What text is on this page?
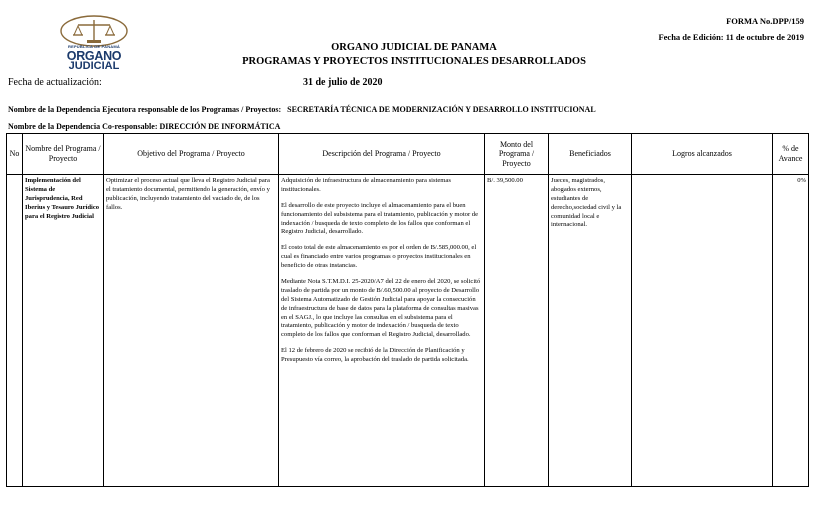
REPÚBLICA DE PANAMÁ
ORGANO
JUDICIAL
FORMA No.DPP/159
Fecha de Edición: 11 de octubre de 2019
ORGANO JUDICIAL DE PANAMA
PROGRAMAS Y PROYECTOS INSTITUCIONALES DESARROLLADOS
Fecha de actualización:	31 de julio de 2020
Nombre de la Dependencia Ejecutora responsable de los Programas / Proyectos: SECRETARÍA TÉCNICA DE MODERNIZACIÓN Y DESARROLLO INSTITUCIONAL
Nombre de la Dependencia Co-responsable: DIRECCIÓN DE INFORMÁTICA
No	Nombre del Programa / Proyecto	Objetivo del Programa / Proyecto	Descripción del Programa / Proyecto	Monto del Programa / Proyecto	Beneficiados	Logros alcanzados	% de Avance
	Implementación del Sistema de Jurisprudencia, Red Iberius y Tesauro Jurídico para el Registro Judicial	Optimizar el proceso actual que lleva el Registro Judicial para el tratamiento documental, permitiendo la generación, envío y publicación, incluyendo tratamiento del vaciado de, de los fallos.	Adquisición de infraestructura de almacenamiento para sistemas institucionales.

El desarrollo de este proyecto incluye el almacenamiento para el buen funcionamiento del subsistema para el tratamiento, publicación y motor de indexación / busqueda de texto completo de los fallos que conforman el Registro Judicial, desarrollado.

El costo total de este almacenamiento es por el orden de B/.585,000.00, el cual es financiado entre varios programas o proyectos institucionales en beneficio de otras instancias.

Mediante Nota S.T.M.D.I. 25-2020/A7 del 22 de enero del 2020, se solicitó traslado de partida por un monto de B/.60,500.00 al proyecto de Desarrollo del Sistema Automatizado de Gestión Judicial para apoyar la consecución de infraestructura de base de datos para la plataforma de consultas masivas en el SAGJ., lo que incluye las consultas en el subsistema para el tratamiento, publicación y motor de indexación / busqueda de texto completo de los fallos que conforman el Registro Judicial, desarrollado.

El 12 de febrero de 2020 se recibió de la Dirección de Planificación y Presupuesto vía correo, la aprobación del traslado de partida solicitada.	B/. 39,500.00	Jueces, magistrados, abogados externos, estudiantes de derecho,sociedad civil y la comunidad local e internacional.		0%
